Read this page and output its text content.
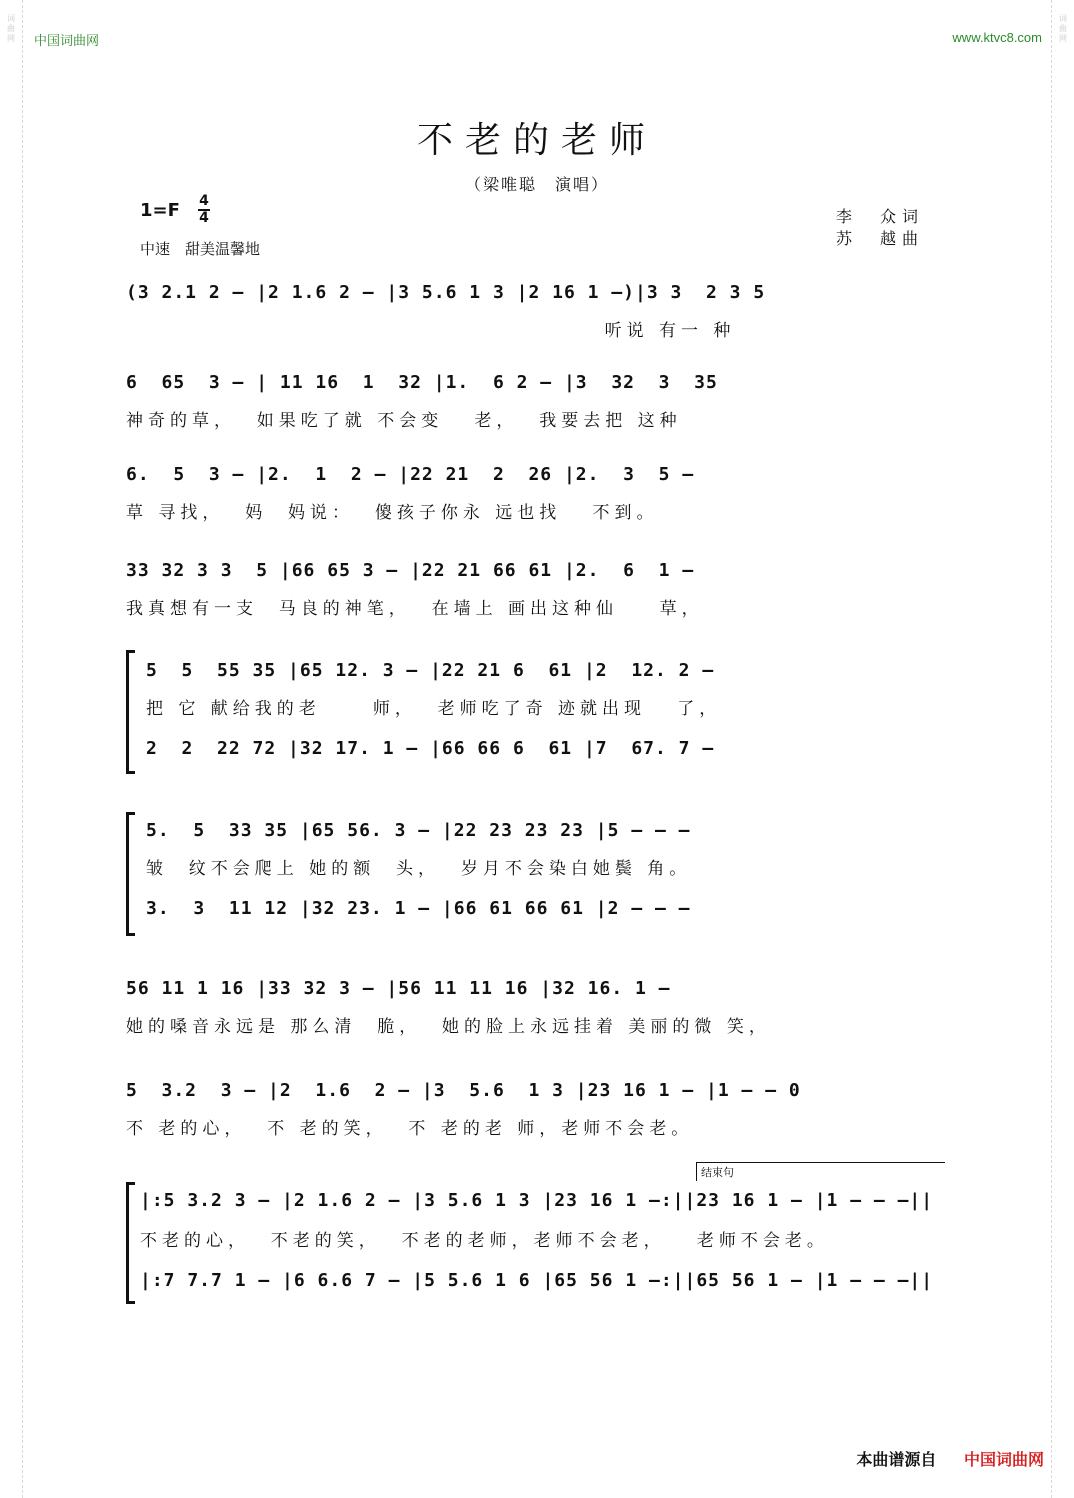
词
曲
网
词
曲
网
中国词曲网	www.ktvc8.com
不老的老师
（梁唯聪　演唱）
1=F 4
4
中速　甜美温馨地
李　众词
苏　越曲
(3 2.1 2 – |2 1.6 2 – |3 5.6 1 3 |2 16 1 –)|3 3  2 3 5
听说 有一 种
6  65  3 – | 11 16  1  32 |1.  6 2 – |3  32  3  35
神奇的草，  如果吃了就 不会变   老，  我要去把 这种
6.  5  3 – |2.  1  2 – |22 21  2  26 |2.  3  5 –
草 寻找，  妈  妈说：  傻孩子你永 远也找   不到。
33 32 3 3  5 |66 65 3 – |22 21 66 61 |2.  6  1 –
我真想有一支  马良的神笔，  在墙上 画出这种仙    草，
5  5  55 35 |65 12. 3 – |22 21 6  61 |2  12. 2 –
把 它 献给我的老     师，  老师吃了奇 迹就出现   了，
2  2  22 72 |32 17. 1 – |66 66 6  61 |7  67. 7 –
5.  5  33 35 |65 56. 3 – |22 23 23 23 |5 – – –
皱  纹不会爬上 她的额  头，  岁月不会染白她鬓 角。
3.  3  11 12 |32 23. 1 – |66 61 66 61 |2 – – –
56 11 1 16 |33 32 3 – |56 11 11 16 |32 16. 1 –
她的嗓音永远是 那么清  脆，  她的脸上永远挂着 美丽的微 笑，
5  3.2  3 – |2  1.6  2 – |3  5.6  1 3 |23 16 1 – |1 – – 0
不 老的心，  不 老的笑，  不 老的老 师，老师不会老。
结束句
|:5 3.2 3 – |2 1.6 2 – |3 5.6 1 3 |23 16 1 –:||23 16 1 – |1 – – –||
不老的心，  不老的笑，  不老的老师，老师不会老，   老师不会老。
|:7 7.7 1 – |6 6.6 7 – |5 5.6 1 6 |65 56 1 –:||65 56 1 – |1 – – –||
本曲谱源自 中国词曲网
